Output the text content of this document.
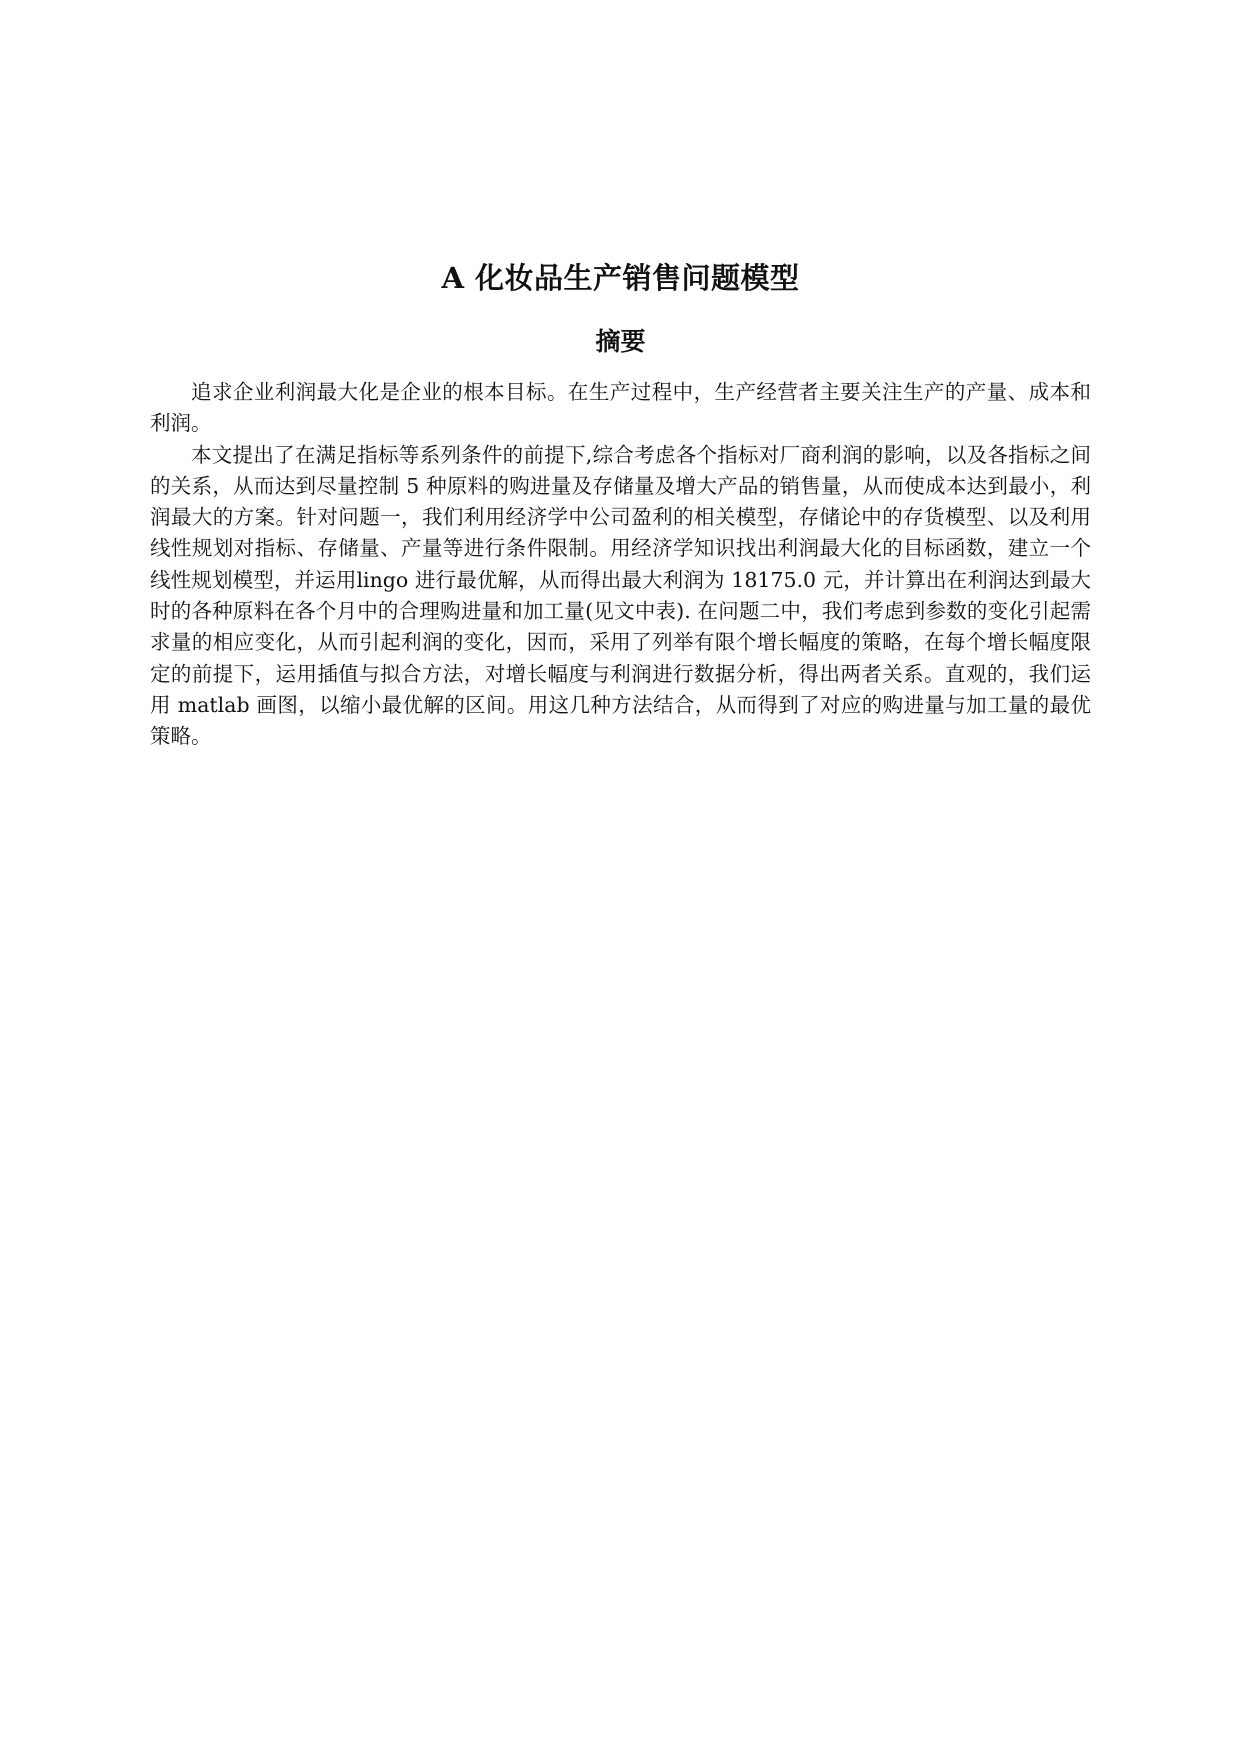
A 化妆品生产销售问题模型
摘要

追求企业利润最大化是企业的根本目标。在生产过程中，生产经营者主要关注生产的产量、成本和利润。

本文提出了在满足指标等系列条件的前提下,综合考虑各个指标对厂商利润的影响，以及各指标之间的关系，从而达到尽量控制 5 种原料的购进量及存储量及增大产品的销售量，从而使成本达到最小，利润最大的方案。针对问题一，我们利用经济学中公司盈利的相关模型，存储论中的存货模型、以及利用线性规划对指标、存储量、产量等进行条件限制。用经济学知识找出利润最大化的目标函数，建立一个线性规划模型，并运用lingo 进行最优解，从而得出最大利润为 18175.0 元，并计算出在利润达到最大时的各种原料在各个月中的合理购进量和加工量(见文中表). 在问题二中，我们考虑到参数的变化引起需求量的相应变化，从而引起利润的变化，因而，采用了列举有限个增长幅度的策略，在每个增长幅度限定的前提下，运用插值与拟合方法，对增长幅度与利润进行数据分析，得出两者关系。直观的，我们运用 matlab 画图，以缩小最优解的区间。用这几种方法结合，从而得到了对应的购进量与加工量的最优策略。
